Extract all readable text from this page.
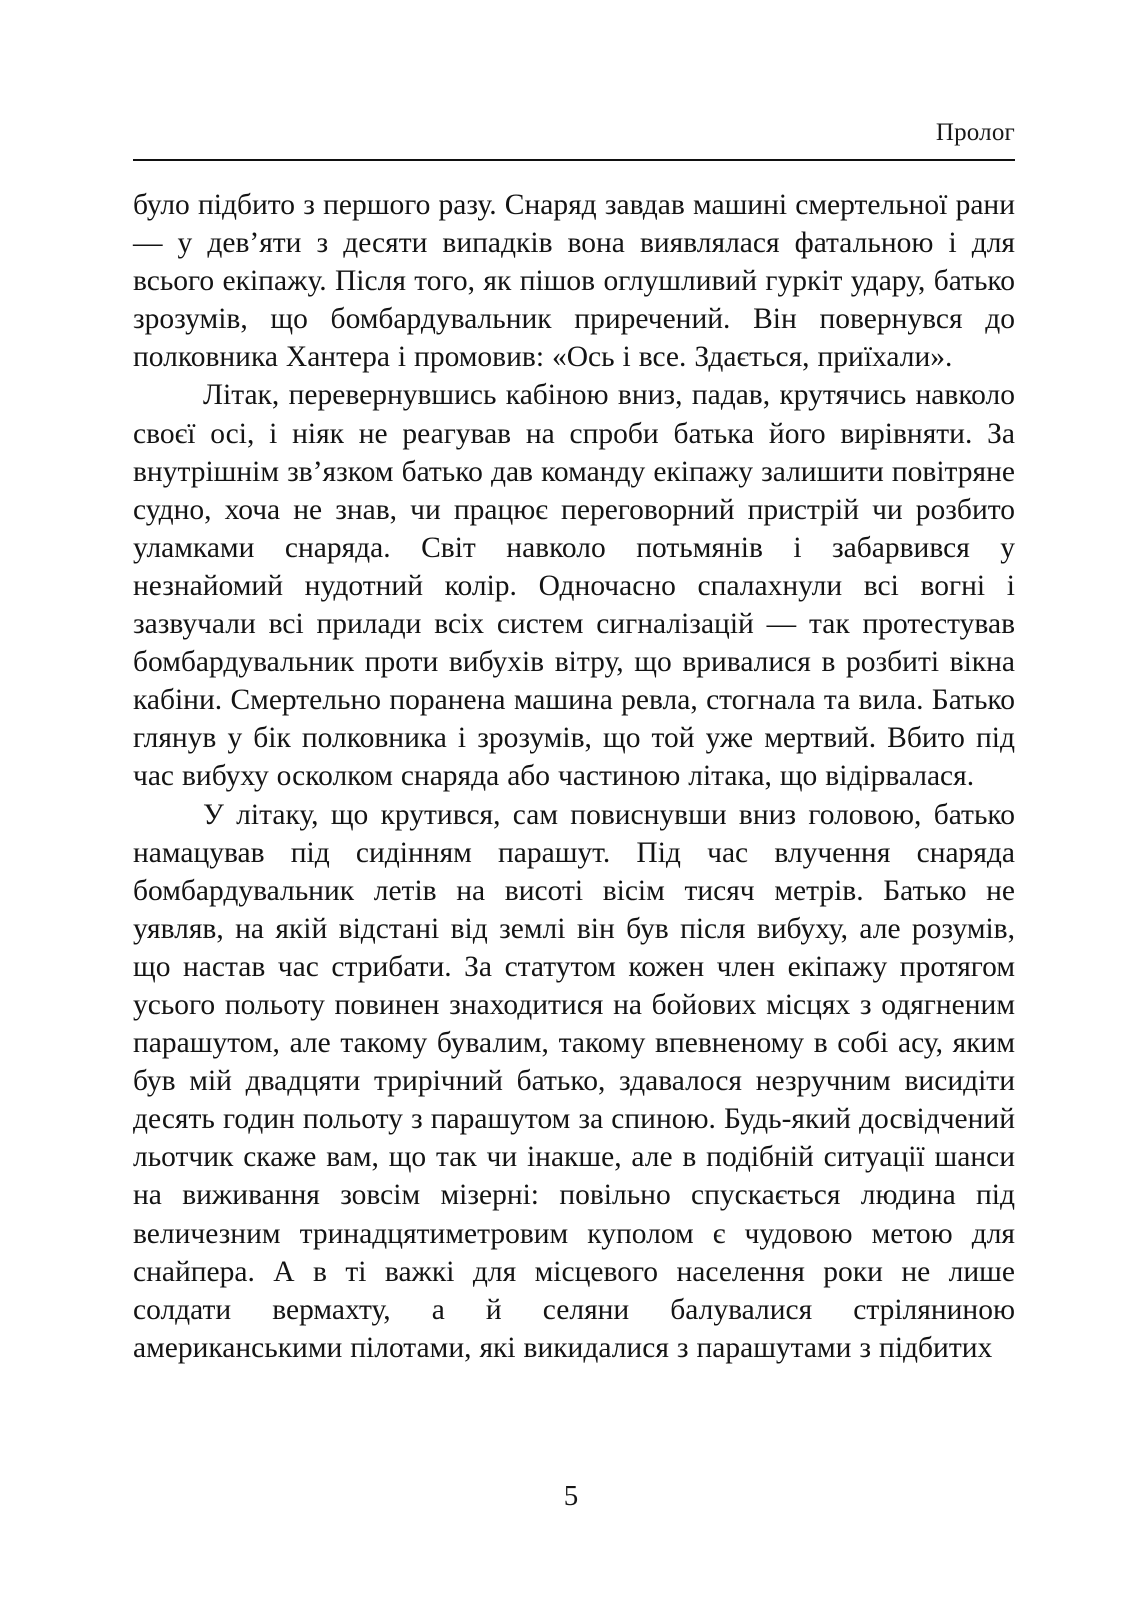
Пролог

було підбито з першого разу. Снаряд завдав машині смертельної рани — у дев’яти з десяти випадків вона виявлялася фатальною і для всього екіпажу. Після того, як пішов оглушливий гуркіт удару, батько зрозумів, що бомбардувальник приречений. Він повернувся до полковника Хантера і промовив: «Ось і все. Здається, приїхали».

Літак, перевернувшись кабіною вниз, падав, крутячись навколо своєї осі, і ніяк не реагував на спроби батька його вирівняти. За внутрішнім зв’язком батько дав команду екіпажу залишити повітряне судно, хоча не знав, чи працює переговорний пристрій чи розбито уламками снаряда. Світ навколо потьмянів і забарвився у незнайомий нудотний колір. Одночасно спалахнули всі вогні і зазвучали всі прилади всіх систем сигналізацій — так протестував бомбардувальник проти вибухів вітру, що вривалися в розбиті вікна кабіни. Смертельно поранена машина ревла, стогнала та вила. Батько глянув у бік полковника і зрозумів, що той уже мертвий. Вбито під час вибуху осколком снаряда або частиною літака, що відірвалася.

У літаку, що крутився, сам повиснувши вниз головою, батько намацував під сидінням парашут. Під час влучення снаряда бомбардувальник летів на висоті вісім тисяч метрів. Батько не уявляв, на якій відстані від землі він був після вибуху, але розумів, що настав час стрибати. За статутом кожен член екіпажу протягом усього польоту повинен знаходитися на бойових місцях з одягненим парашутом, але такому бувалим, такому впевненому в собі асу, яким був мій двадцяти трирічний батько, здавалося незручним висидіти десять годин польоту з парашутом за спиною. Будь-який досвідчений льотчик скаже вам, що так чи інакше, але в подібній ситуації шанси на виживання зовсім мізерні: повільно спускається людина під величезним тринадцятиметровим куполом є чудовою метою для снайпера. А в ті важкі для місцевого населення роки не лише солдати вермахту, а й селяни балувалися стріляниною американськими пілотами, які викидалися з парашутами з підбитих

5
